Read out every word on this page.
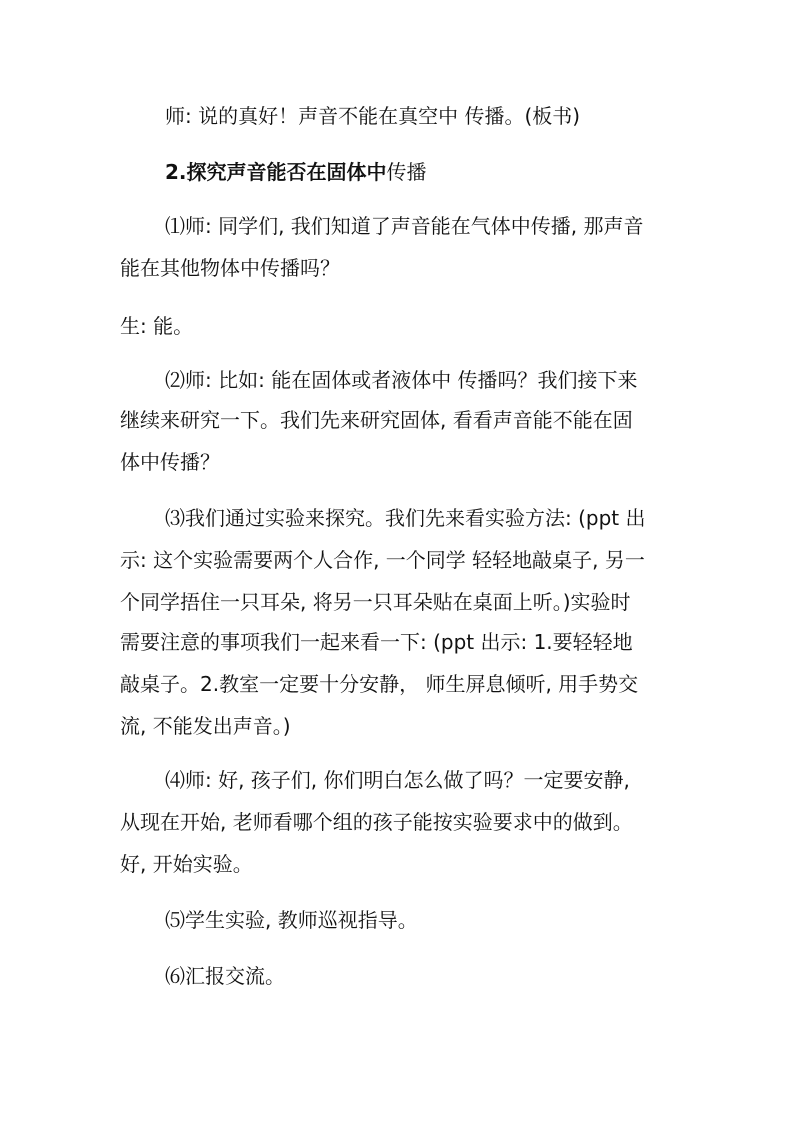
师: 说的真好！声音不能在真空中 传播。(板书)
2.探究声音能否在固体中传播
⑴师: 同学们, 我们知道了声音能在气体中传播, 那声音
能在其他物体中传播吗？
生: 能。
⑵师: 比如: 能在固体或者液体中 传播吗？我们接下来
继续来研究一下。我们先来研究固体, 看看声音能不能在固
体中传播？
⑶我们通过实验来探究。我们先来看实验方法: (ppt 出
示: 这个实验需要两个人合作, 一个同学 轻轻地敲桌子, 另一
个同学捂住一只耳朵, 将另一只耳朵贴在桌面上听。)实验时
需要注意的事项我们一起来看一下: (ppt 出示: 1.要轻轻地
敲桌子。2.教室一定要十分安静， 师生屏息倾听, 用手势交
流, 不能发出声音。)
⑷师: 好, 孩子们, 你们明白怎么做了吗？一定要安静,
从现在开始, 老师看哪个组的孩子能按实验要求中的做到。
好, 开始实验。
⑸学生实验, 教师巡视指导。
⑹汇报交流。
